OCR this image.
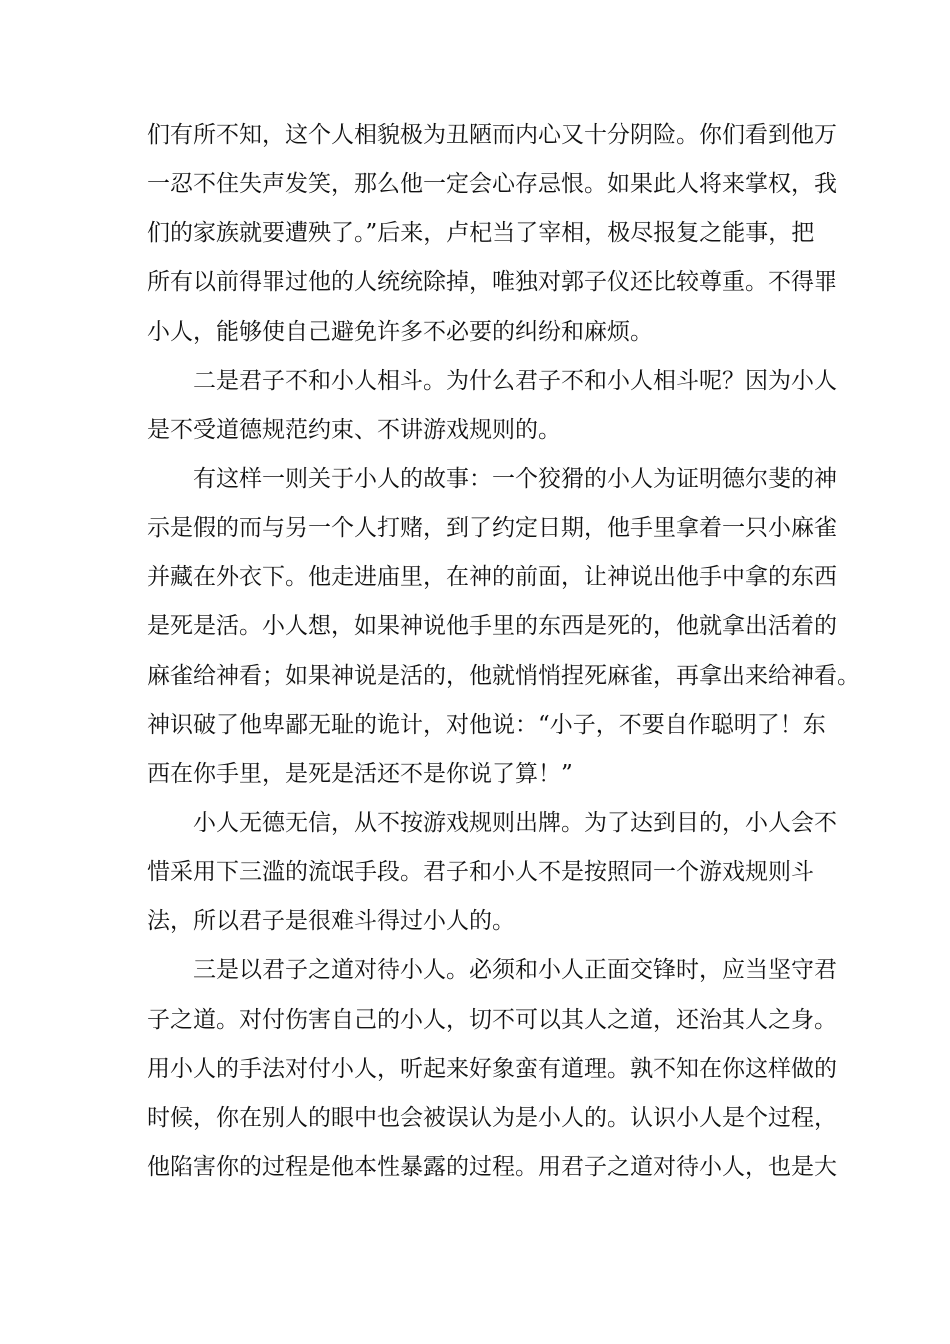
们有所不知，这个人相貌极为丑陋而内心又十分阴险。你们看到他万
一忍不住失声发笑，那么他一定会心存忌恨。如果此人将来掌权，我
们的家族就要遭殃了。”后来，卢杞当了宰相，极尽报复之能事，把
所有以前得罪过他的人统统除掉，唯独对郭子仪还比较尊重。不得罪
小人，能够使自己避免许多不必要的纠纷和麻烦。
二是君子不和小人相斗。为什么君子不和小人相斗呢？因为小人
是不受道德规范约束、不讲游戏规则的。
有这样一则关于小人的故事：一个狡猾的小人为证明德尔斐的神
示是假的而与另一个人打赌，到了约定日期，他手里拿着一只小麻雀
并藏在外衣下。他走进庙里，在神的前面，让神说出他手中拿的东西
是死是活。小人想，如果神说他手里的东西是死的，他就拿出活着的
麻雀给神看；如果神说是活的，他就悄悄捏死麻雀，再拿出来给神看。
神识破了他卑鄙无耻的诡计，对他说：“小子，不要自作聪明了！东
西在你手里，是死是活还不是你说了算！”
小人无德无信，从不按游戏规则出牌。为了达到目的，小人会不
惜采用下三滥的流氓手段。君子和小人不是按照同一个游戏规则斗
法，所以君子是很难斗得过小人的。
三是以君子之道对待小人。必须和小人正面交锋时，应当坚守君
子之道。对付伤害自己的小人，切不可以其人之道，还治其人之身。
用小人的手法对付小人，听起来好象蛮有道理。孰不知在你这样做的
时候，你在别人的眼中也会被误认为是小人的。认识小人是个过程，
他陷害你的过程是他本性暴露的过程。用君子之道对待小人，也是大
